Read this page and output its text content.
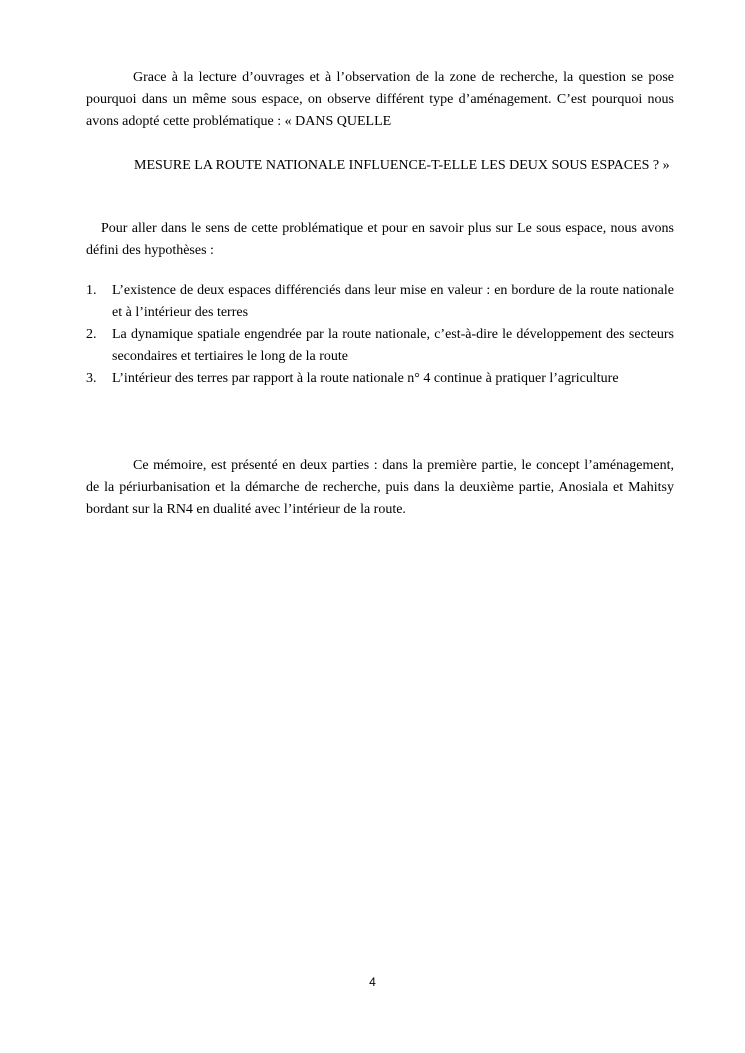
Grace à la lecture d’ouvrages et à l’observation de la zone de recherche, la question se pose pourquoi dans un même sous espace, on observe différent type d’aménagement. C’est pourquoi nous avons adopté cette problématique : « DANS QUELLE

MESURE LA ROUTE NATIONALE INFLUENCE-T-ELLE LES DEUX SOUS ESPACES ? »

Pour aller dans le sens de cette problématique et pour en savoir plus sur Le sous espace, nous avons défini des hypothèses :

1. L’existence de deux espaces différenciés dans leur mise en valeur : en bordure de la route nationale et à l’intérieur des terres
2. La dynamique spatiale engendrée par la route nationale, c’est-à-dire le développement des secteurs secondaires et tertiaires le long de la route
3. L’intérieur des terres par rapport à la route nationale n° 4 continue à pratiquer l’agriculture

Ce mémoire, est présenté en deux parties : dans la première partie, le concept l’aménagement, de la périurbanisation et la démarche de recherche, puis dans la deuxième partie, Anosiala et Mahitsy bordant sur la RN4 en dualité avec l’intérieur de la route.

4
